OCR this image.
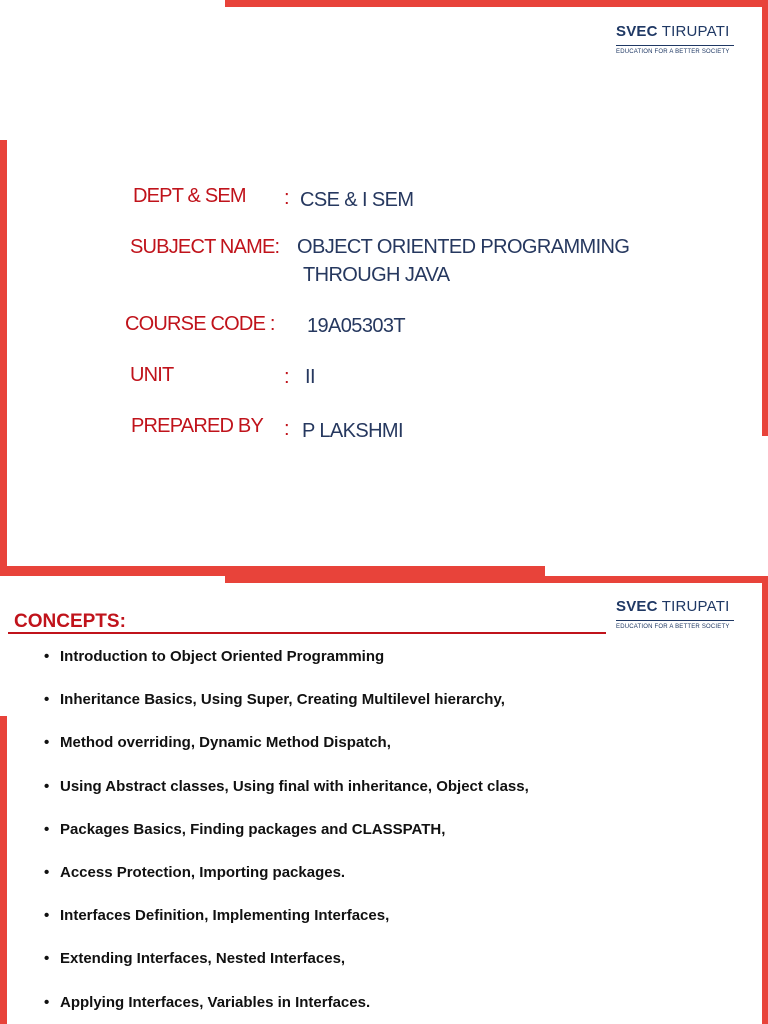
SVEC TIRUPATI
EDUCATION FOR A BETTER SOCIETY
DEPT & SEM : CSE & I SEM
SUBJECT NAME: OBJECT ORIENTED PROGRAMMING
THROUGH JAVA
COURSE CODE : 19A05303T
UNIT	: II
PREPARED BY : P LAKSHMI
SVEC TIRUPATI
EDUCATION FOR A BETTER SOCIETY
CONCEPTS:
• Introduction to Object Oriented Programming
• Inheritance Basics, Using Super, Creating Multilevel hierarchy,
• Method overriding, Dynamic Method Dispatch,
• Using Abstract classes, Using final with inheritance, Object class,
• Packages Basics, Finding packages and CLASSPATH,
• Access Protection, Importing packages.
• Interfaces Definition, Implementing Interfaces,
• Extending Interfaces, Nested Interfaces,
• Applying Interfaces, Variables in Interfaces.
